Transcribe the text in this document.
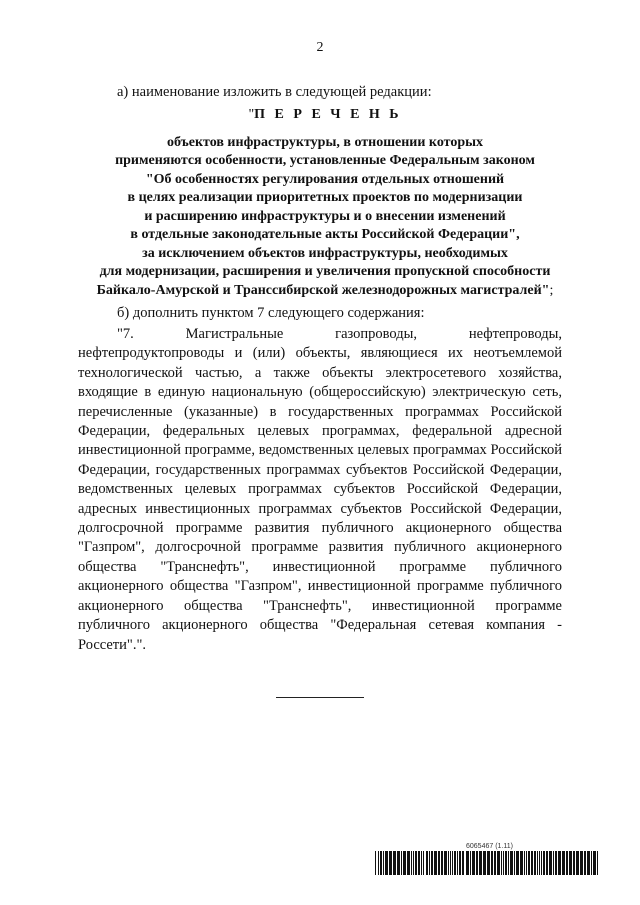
2
а) наименование изложить в следующей редакции:
"П Е Р Е Ч Е Н Ь
объектов инфраструктуры, в отношении которых
применяются особенности, установленные Федеральным законом
"Об особенностях регулирования отдельных отношений
в целях реализации приоритетных проектов по модернизации
и расширению инфраструктуры и о внесении изменений
в отдельные законодательные акты Российской Федерации",
за исключением объектов инфраструктуры, необходимых
для модернизации, расширения и увеличения пропускной способности
Байкало-Амурской и Транссибирской железнодорожных магистралей";
б) дополнить пунктом 7 следующего содержания:

"7. Магистральные газопроводы, нефтепроводы, нефтепродуктопроводы и (или) объекты, являющиеся их неотъемлемой технологической частью, а также объекты электросетевого хозяйства, входящие в единую национальную (общероссийскую) электрическую сеть, перечисленные (указанные) в государственных программах Российской Федерации, федеральных целевых программах, федеральной адресной инвестиционной программе, ведомственных целевых программах Российской Федерации, государственных программах субъектов Российской Федерации, ведомственных целевых программах субъектов Российской Федерации, адресных инвестиционных программах субъектов Российской Федерации, долгосрочной программе развития публичного акционерного общества "Газпром", долгосрочной программе развития публичного акционерного общества "Транснефть", инвестиционной программе публичного акционерного общества "Газпром", инвестиционной программе публичного акционерного общества "Транснефть", инвестиционной программе публичного акционерного общества "Федеральная сетевая компания - Россети".".

6065467 (1.11)
